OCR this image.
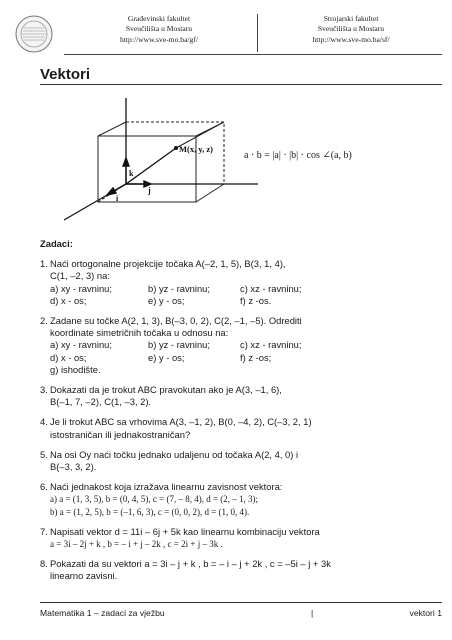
Građevinski fakultet
Sveučilišta u Mostaru
http://www.sve-mo.ba/gf/
Strojarski fakultet
Sveučilišta u Mostaru
http://www.sve-mo.ba/sf/
Vektori
M(x, y, z)
k
j
i
a · b = |a| · |b| · cos ∠(a, b)
Zadaci:
1. Naći ortogonalne projekcije točaka A(–2, 1, 5), B(3, 1, 4),
C(1, –2, 3) na:
a) xy - ravninu;	b) yz - ravninu;	c) xz - ravninu;
d) x - os;	e) y - os;	f) z -os.
2. Zadane su točke A(2, 1, 3), B(–3, 0, 2), C(2, –1, –5). Odrediti
koordinate simetričnih točaka u odnosu na:
a) xy - ravninu;	b) yz - ravninu;	c) xz - ravninu;
d) x - os;	e) y - os;	f) z -os;
g) ishodište.
3. Dokazati da je trokut ABC pravokutan ako je A(3, –1, 6),
B(–1, 7, –2), C(1, –3, 2).
4. Je li trokut ABC sa vrhovima A(3, –1, 2), B(0, –4, 2), C(–3, 2, 1)
istostraničan ili jednakostraničan?
5. Na osi Oy naći točku jednako udaljenu od točaka A(2, 4, 0) i
B(–3, 3, 2).
6. Naći jednakost koja izražava linearnu zavisnost vektora:
a) a = (1, 3, 5), b = (0, 4, 5), c = (7, – 8, 4), d = (2, – 1, 3);
b) a = (1, 2, 5), b = (–1, 6, 3), c = (0, 0, 2), d = (1, 0, 4).
7. Napisati vektor d = 11i – 6j + 5k kao linearnu kombinaciju vektora
a = 3i – 2j + k , b = – i + j – 2k , c = 2i + j – 3k .
8. Pokazati da su vektori a = 3i – j + k , b = – i – j + 2k , c = –5i – j + 3k
linearno zavisni.
Matematika 1 – zadaci za vježbu	|	vektori 1
